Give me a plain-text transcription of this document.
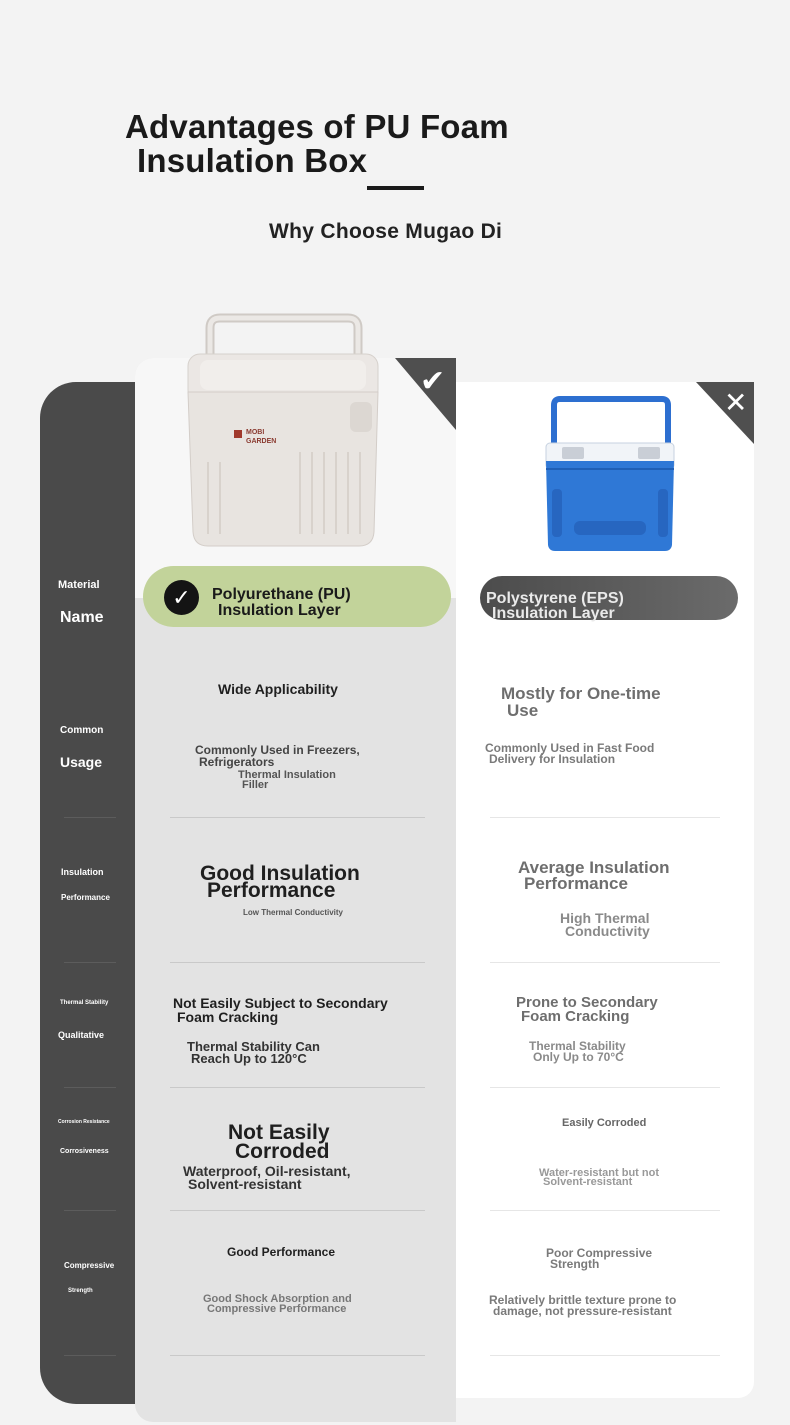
Advantages of PU Foam
Insulation Box
Why Choose Mugao Di
✔
✕
MOBI
GARDEN
Material
Name
✓	Polyurethane (PU)
Insulation Layer
Polystyrene (EPS)
Insulation Layer
Common
Usage
Wide Applicability
Commonly Used in Freezers,
Refrigerators
Thermal Insulation
Filler
Mostly for One-time
Use
Commonly Used in Fast Food
Delivery for Insulation
Insulation
Performance
Good Insulation
Performance
Low Thermal Conductivity
Average Insulation
Performance
High Thermal
Conductivity
Thermal Stability
Qualitative
Not Easily Subject to Secondary
Foam Cracking
Thermal Stability Can
Reach Up to 120°C
Prone to Secondary
Foam Cracking
Thermal Stability
Only Up to 70°C
Corrosion Resistance
Corrosiveness
Not Easily
Corroded
Waterproof, Oil-resistant,
Solvent-resistant
Easily Corroded
Water-resistant but not
Solvent-resistant
Compressive
Strength
Good Performance
Good Shock Absorption and
Compressive Performance
Poor Compressive
Strength
Relatively brittle texture prone to
damage, not pressure-resistant
